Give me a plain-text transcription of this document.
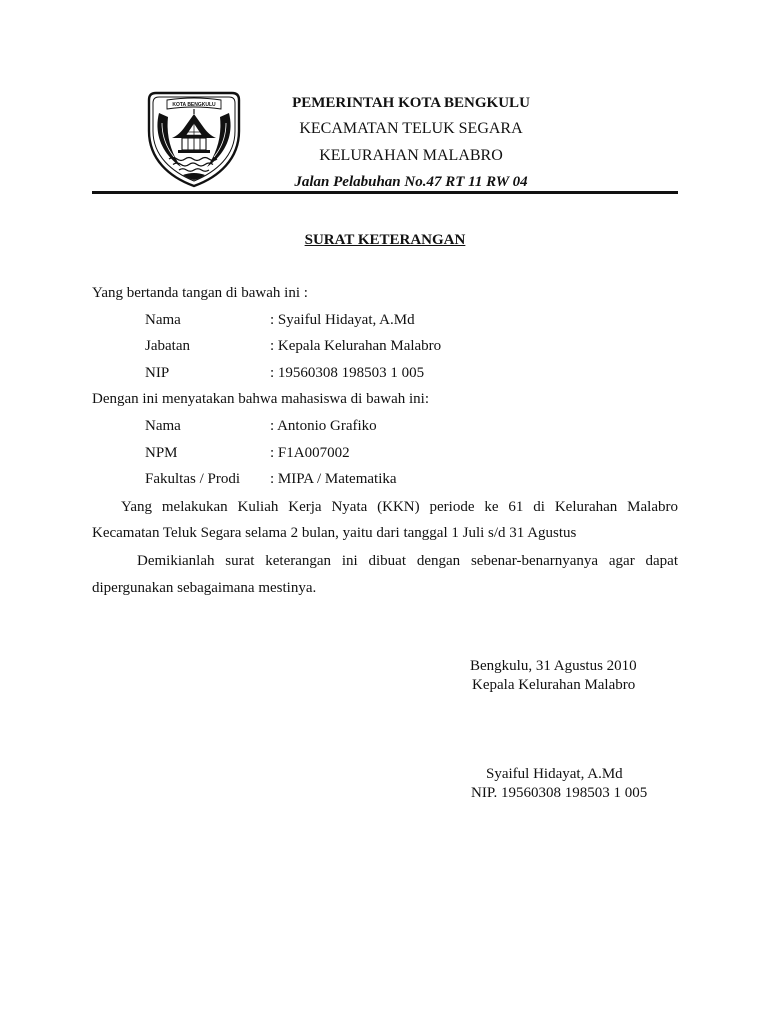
KOTA BENGKULU	PEMERINTAH KOTA BENGKULU
KECAMATAN TELUK SEGARA
KELURAHAN MALABRO
Jalan Pelabuhan No.47 RT 11 RW 04
SURAT KETERANGAN
Yang bertanda tangan di bawah ini :
Nama	: Syaiful Hidayat, A.Md
Jabatan	: Kepala Kelurahan Malabro
NIP	: 19560308 198503 1 005
Dengan ini menyatakan bahwa mahasiswa di bawah ini:
Nama	: Antonio Grafiko
NPM	: F1A007002
Fakultas / Prodi : MIPA / Matematika
Yang melakukan Kuliah Kerja Nyata (KKN) periode ke 61 di Kelurahan Malabro
Kecamatan Teluk Segara selama 2 bulan, yaitu dari tanggal 1 Juli s/d 31 Agustus
Demikianlah surat keterangan ini dibuat dengan sebenar-benarnyanya agar dapat
dipergunakan sebagaimana mestinya.
Bengkulu, 31 Agustus 2010
Kepala Kelurahan Malabro
Syaiful Hidayat, A.Md
NIP. 19560308 198503 1 005
